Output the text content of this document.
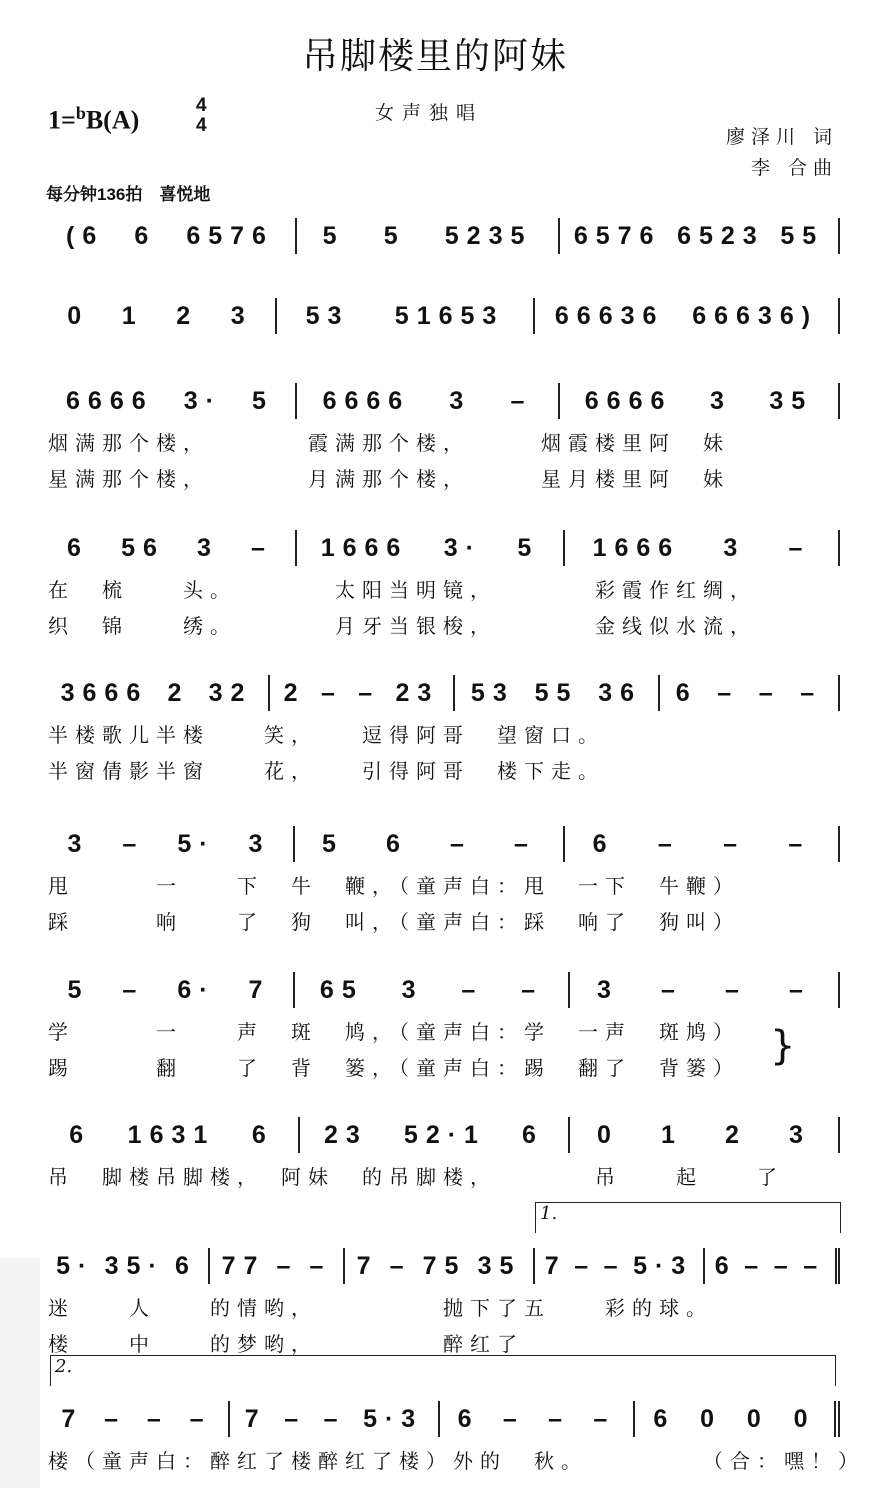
吊脚楼里的阿妹
1=$^b$B(A)
4
4
女声独唱
廖泽川 词
李 合曲
每分钟136拍　喜悦地
(6 6 6576 5 5 5235 6576 6523 55
0 1 2 3 53 51653 66636 66636)
6666 3· 5 6666 3 – 6666 3 35
烟满那个楼，　　　　霞满那个楼，　　　烟霞楼里阿　妹
星满那个楼，　　　　月满那个楼，　　　星月楼里阿　妹
6 56 3 – 1666 3· 5 1666 3 –
在　梳　　头。　　　　太阳当明镜，　　　　彩霞作红绸，
织　锦　　绣。　　　　月牙当银梭，　　　　金线似水流，
3666 2 32 2 – – 23 53 55 36 6 – – –
半楼歌儿半楼　　笑，　　逗得阿哥　望窗口。
半窗倩影半窗　　花，　　引得阿哥　楼下走。
3 – 5· 3 5 6 – – 6 – – –
甩　　　一　　下　牛　鞭，（童声白：甩　一下　牛鞭）
踩　　　响　　了　狗　叫，（童声白：踩　响了　狗叫）
5 – 6· 7 65 3 – – 3 – – –
学　　　一　　声　斑　鸠，（童声白：学　一声　斑鸠）
踢　　　翻　　了　背　篓，（童声白：踢　翻了　背篓）
6 1631 6 23 52·1 6 0 1 2 3
吊　脚楼吊脚楼，　阿妹　的吊脚楼，　　　　吊　　起　　了
5· 35· 6 77 – – 7 – 75 35 7 – – 5·3 6 – – –
1.
迷　　人　　的情哟，　　　　　抛下了五　　彩的球。
楼　　中　　的梦哟，　　　　　醉红了
7 – – – 7 – – 5·3 6 – – – 6 0 0 0
2.
楼（童声白：醉红了楼醉红了楼）外的　秋。　　　　　（合：嘿！）
}
